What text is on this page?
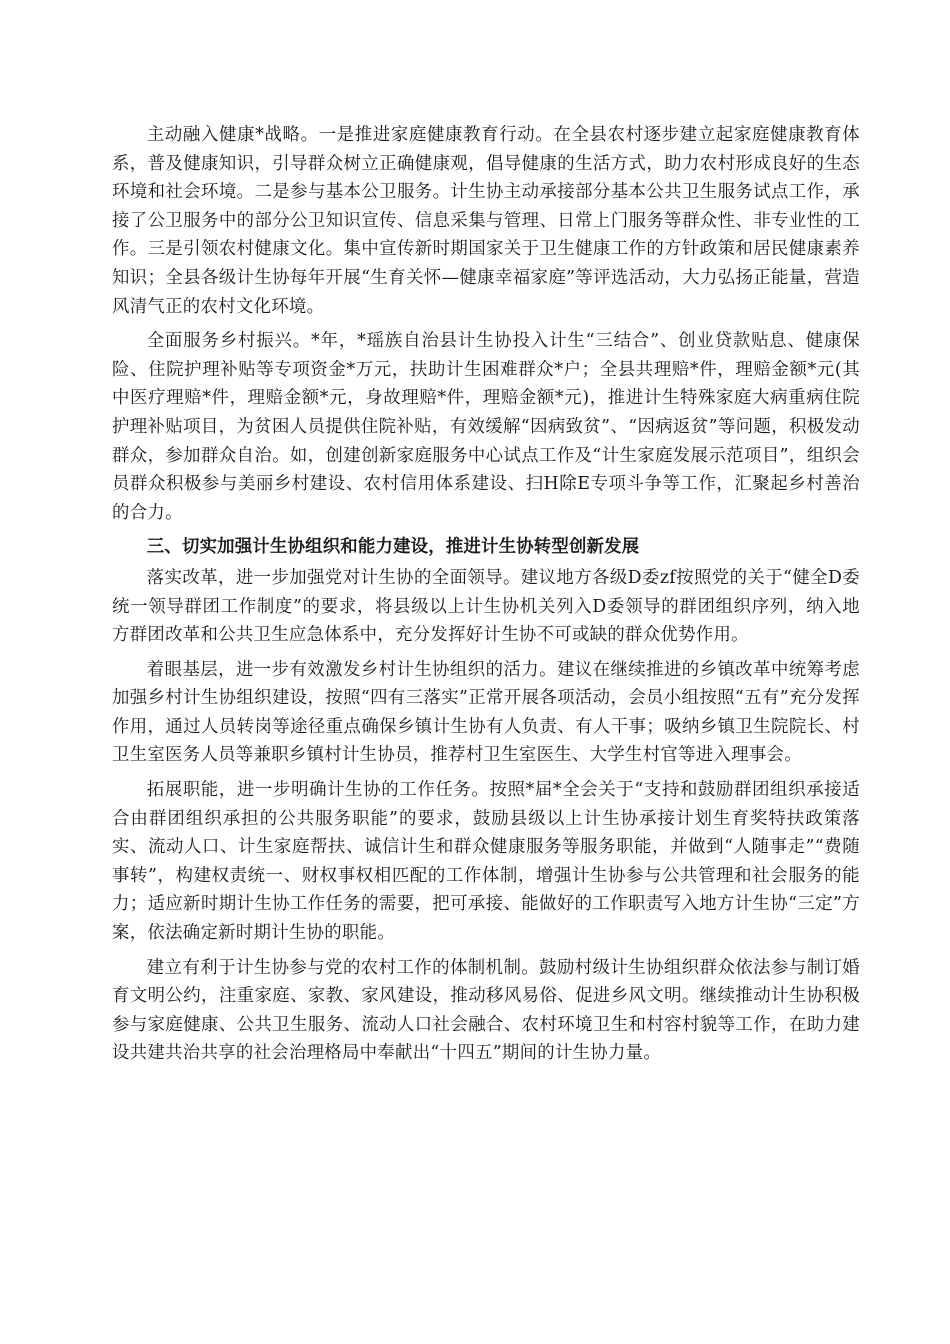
主动融入健康*战略。一是推进家庭健康教育行动。在全县农村逐步建立起家庭健康教育体系，普及健康知识，引导群众树立正确健康观，倡导健康的生活方式，助力农村形成良好的生态环境和社会环境。二是参与基本公卫服务。计生协主动承接部分基本公共卫生服务试点工作，承接了公卫服务中的部分公卫知识宣传、信息采集与管理、日常上门服务等群众性、非专业性的工作。三是引领农村健康文化。集中宣传新时期国家关于卫生健康工作的方针政策和居民健康素养知识；全县各级计生协每年开展“生育关怀—健康幸福家庭”等评选活动，大力弘扬正能量，营造风清气正的农村文化环境。

全面服务乡村振兴。*年，*瑶族自治县计生协投入计生“三结合”、创业贷款贴息、健康保险、住院护理补贴等专项资金*万元，扶助计生困难群众*户；全县共理赔*件，理赔金额*元(其中医疗理赔*件，理赔金额*元，身故理赔*件，理赔金额*元)，推进计生特殊家庭大病重病住院护理补贴项目，为贫困人员提供住院补贴，有效缓解“因病致贫”、“因病返贫”等问题，积极发动群众，参加群众自治。如，创建创新家庭服务中心试点工作及“计生家庭发展示范项目”，组织会员群众积极参与美丽乡村建设、农村信用体系建设、扫H除E专项斗争等工作，汇聚起乡村善治的合力。

三、切实加强计生协组织和能力建设，推进计生协转型创新发展

落实改革，进一步加强党对计生协的全面领导。建议地方各级D委zf按照党的关于“健全D委统一领导群团工作制度”的要求，将县级以上计生协机关列入D委领导的群团组织序列，纳入地方群团改革和公共卫生应急体系中，充分发挥好计生协不可或缺的群众优势作用。

着眼基层，进一步有效激发乡村计生协组织的活力。建议在继续推进的乡镇改革中统筹考虑加强乡村计生协组织建设，按照“四有三落实”正常开展各项活动，会员小组按照“五有”充分发挥作用，通过人员转岗等途径重点确保乡镇计生协有人负责、有人干事；吸纳乡镇卫生院院长、村卫生室医务人员等兼职乡镇村计生协员，推荐村卫生室医生、大学生村官等进入理事会。

拓展职能，进一步明确计生协的工作任务。按照*届*全会关于“支持和鼓励群团组织承接适合由群团组织承担的公共服务职能”的要求，鼓励县级以上计生协承接计划生育奖特扶政策落实、流动人口、计生家庭帮扶、诚信计生和群众健康服务等服务职能，并做到“人随事走”“费随事转”，构建权责统一、财权事权相匹配的工作体制，增强计生协参与公共管理和社会服务的能力；适应新时期计生协工作任务的需要，把可承接、能做好的工作职责写入地方计生协“三定”方案，依法确定新时期计生协的职能。

建立有利于计生协参与党的农村工作的体制机制。鼓励村级计生协组织群众依法参与制订婚育文明公约，注重家庭、家教、家风建设，推动移风易俗、促进乡风文明。继续推动计生协积极参与家庭健康、公共卫生服务、流动人口社会融合、农村环境卫生和村容村貌等工作，在助力建设共建共治共享的社会治理格局中奉献出“十四五”期间的计生协力量。
